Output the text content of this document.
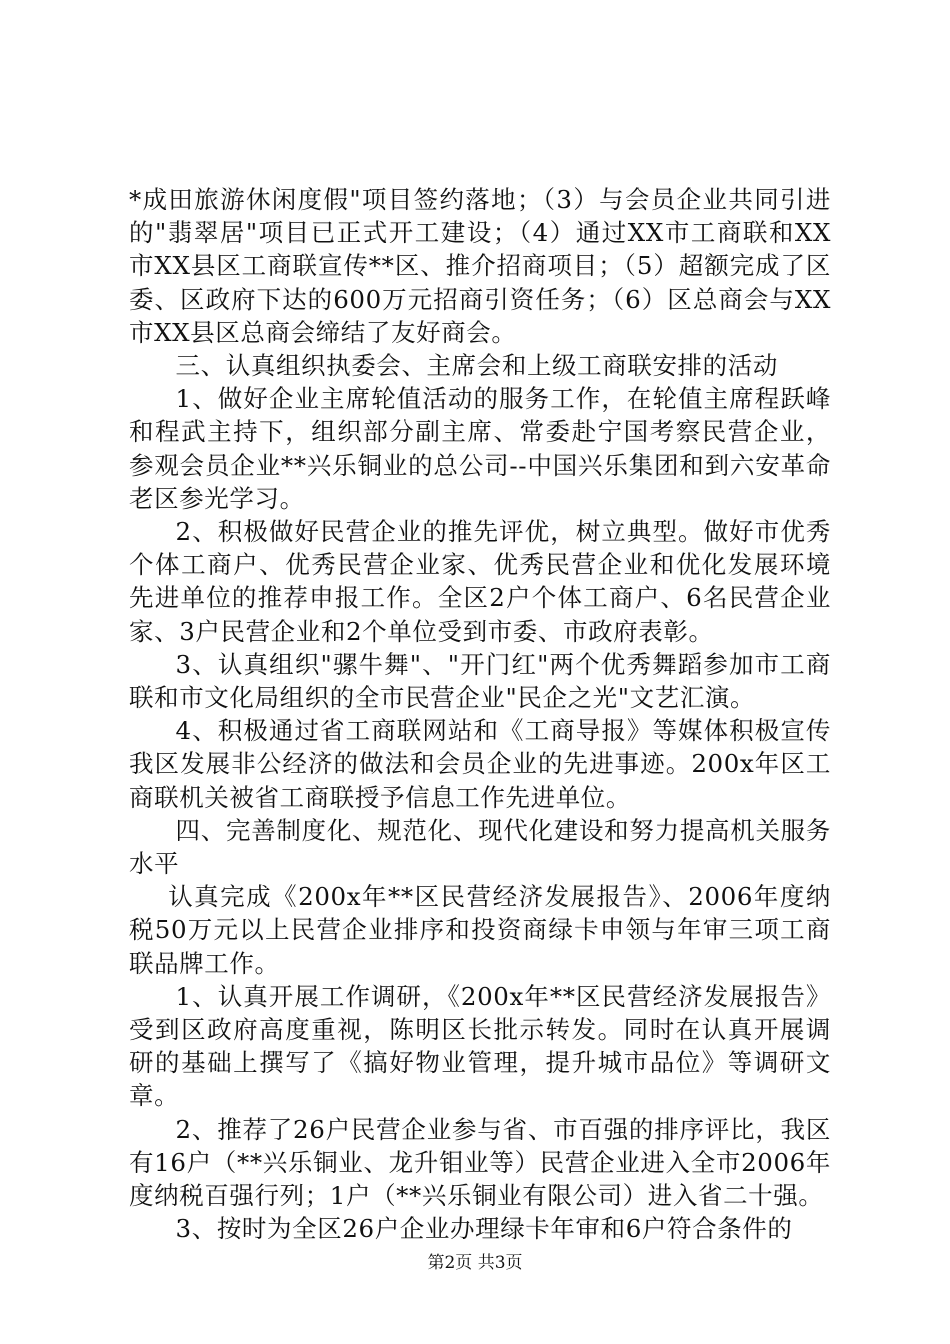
*成田旅游休闲度假"项目签约落地；（3）与会员企业共同引进的"翡翠居"项目已正式开工建设；（4）通过XX市工商联和XX市XX县区工商联宣传**区、推介招商项目；（5）超额完成了区委、区政府下达的600万元招商引资任务；（6）区总商会与XX市XX县区总商会缔结了友好商会。

三、认真组织执委会、主席会和上级工商联安排的活动

1、做好企业主席轮值活动的服务工作，在轮值主席程跃峰和程武主持下，组织部分副主席、常委赴宁国考察民营企业，参观会员企业**兴乐铜业的总公司--中国兴乐集团和到六安革命老区参光学习。

2、积极做好民营企业的推先评优，树立典型。做好市优秀个体工商户、优秀民营企业家、优秀民营企业和优化发展环境先进单位的推荐申报工作。全区2户个体工商户、6名民营企业家、3户民营企业和2个单位受到市委、市政府表彰。

3、认真组织"骡牛舞"、"开门红"两个优秀舞蹈参加市工商联和市文化局组织的全市民营企业"民企之光"文艺汇演。

4、积极通过省工商联网站和《工商导报》等媒体积极宣传我区发展非公经济的做法和会员企业的先进事迹。200x年区工商联机关被省工商联授予信息工作先进单位。

四、完善制度化、规范化、现代化建设和努力提高机关服务水平

认真完成《200x年**区民营经济发展报告》、2006年度纳税50万元以上民营企业排序和投资商绿卡申领与年审三项工商联品牌工作。

1、认真开展工作调研，《200x年**区民营经济发展报告》受到区政府高度重视，陈明区长批示转发。同时在认真开展调研的基础上撰写了《搞好物业管理，提升城市品位》等调研文章。

2、推荐了26户民营企业参与省、市百强的排序评比，我区有16户（**兴乐铜业、龙升钼业等）民营企业进入全市2006年度纳税百强行列；1户（**兴乐铜业有限公司）进入省二十强。

3、按时为全区26户企业办理绿卡年审和6户符合条件的

第2页 共3页
